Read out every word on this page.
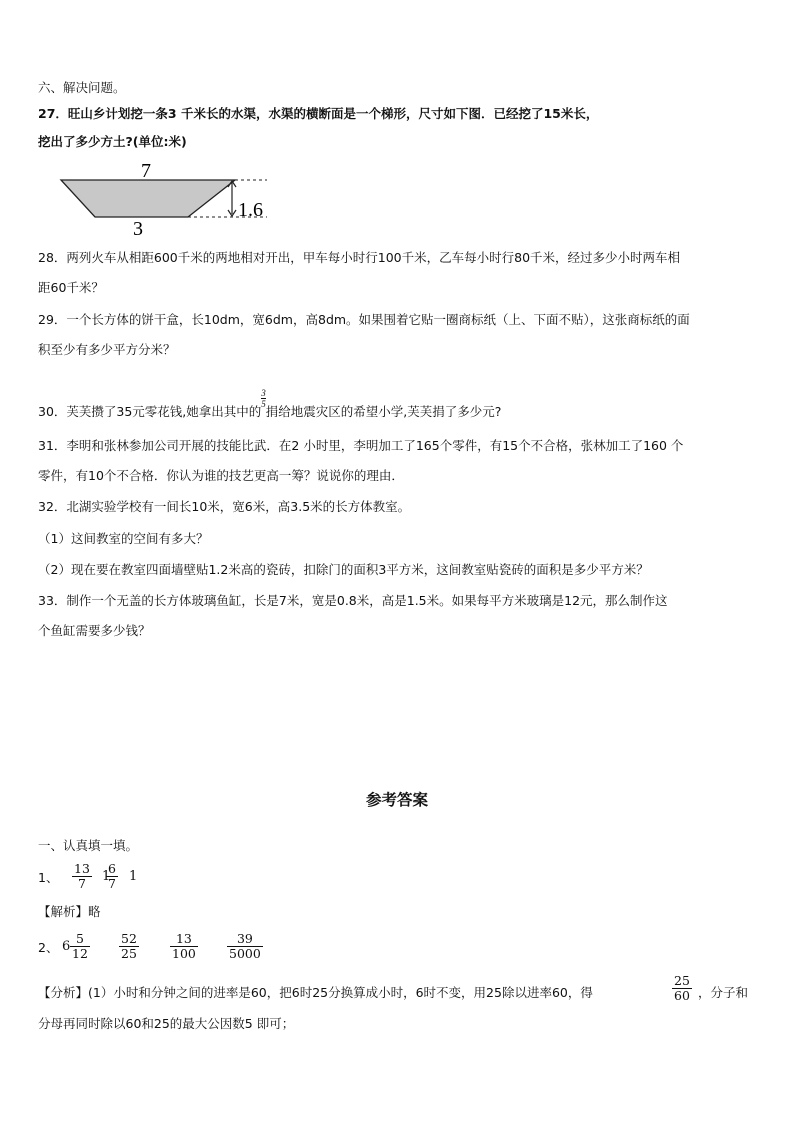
六、解决问题。
27．旺山乡计划挖一条3 千米长的水渠，水渠的横断面是一个梯形，尺寸如下图．已经挖了15米长，
挖出了多少方土?(单位:米)
7
3
1.6
28．两列火车从相距600千米的两地相对开出，甲车每小时行100千米，乙车每小时行80千米，经过多少小时两车相
距60千米？
29．一个长方体的饼干盒，长10dm，宽6dm，高8dm。如果围着它贴一圈商标纸（上、下面不贴），这张商标纸的面
积至少有多少平方分米？
30．芙芙攒了35元零花钱,她拿出其中的
$\frac{3}{5}$
捐给地震灾区的希望小学,芙芙捐了多少元?
31．李明和张林参加公司开展的技能比武．在2 小时里，李明加工了165个零件，有15个不合格，张林加工了160 个
零件，有10个不合格．你认为谁的技艺更高一筹？说说你的理由．
32．北湖实验学校有一间长10米，宽6米，高3.5米的长方体教室。
（1）这间教室的空间有多大？
（2）现在要在教室四面墙壁贴1.2米高的瓷砖，扣除门的面积3平方米，这间教室贴瓷砖的面积是多少平方米？
33．制作一个无盖的长方体玻璃鱼缸，长是7米，宽是0.8米，高是1.5米。如果每平方米玻璃是12元，那么制作这
个鱼缸需要多少钱？
参考答案
一、认真填一填。
1、 $\frac{13}{7} 1$
$\frac{6}{7} 1$
【解析】略
2、 $6 \frac{5}{12} \frac{52}{25} \frac{13}{100} \frac{39}{5000}$
【分析】(1）小时和分钟之间的进率是60，把6时25分换算成小时，6时不变，用25除以进率60，得	$\frac{25}{60}$ ，分子和
分母再同时除以60和25的最大公因数5 即可；
